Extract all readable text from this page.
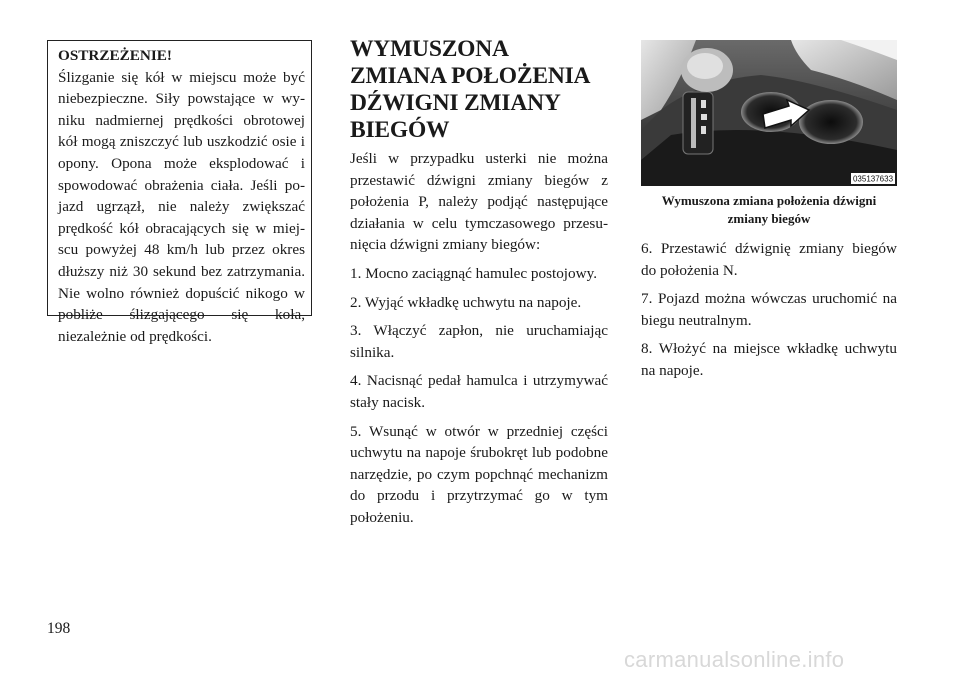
OSTRZEŻENIE!

Ślizganie się kół w miejscu może być niebezpieczne. Siły powstające w wyniku nadmiernej prędkości obrotowej kół mogą zniszczyć lub uszkodzić osie i opony. Opona może eksplodować i spowodować obrażenia ciała. Jeśli pojazd ugrzązł, nie należy zwiększać prędkość kół obracających się w miejscu powyżej 48 km/h lub przez okres dłuższy niż 30 sekund bez zatrzymania. Nie wolno również dopuścić nikogo w pobliże ślizgającego się koła, niezależnie od prędkości.

WYMUSZONA ZMIANA POŁOŻENIA DŹWIGNI ZMIANY BIEGÓW

Jeśli w przypadku usterki nie można przestawić dźwigni zmiany biegów z położenia P, należy podjąć następujące działania w celu tymczasowego przesunięcia dźwigni zmiany biegów:

1. Mocno zaciągnąć hamulec postojowy.

2. Wyjąć wkładkę uchwytu na napoje.

3. Włączyć zapłon, nie uruchamiając silnika.

4. Nacisnąć pedał hamulca i utrzymywać stały nacisk.

5. Wsunąć w otwór w przedniej części uchwytu na napoje śrubokręt lub podobne narzędzie, po czym popchnąć mechanizm do przodu i przytrzymać go w tym położeniu.

035137633

Wymuszona zmiana położenia dźwigni zmiany biegów

6. Przestawić dźwignię zmiany biegów do położenia N.

7. Pojazd można wówczas uruchomić na biegu neutralnym.

8. Włożyć na miejsce wkładkę uchwytu na napoje.

198
carmanualsonline.info
